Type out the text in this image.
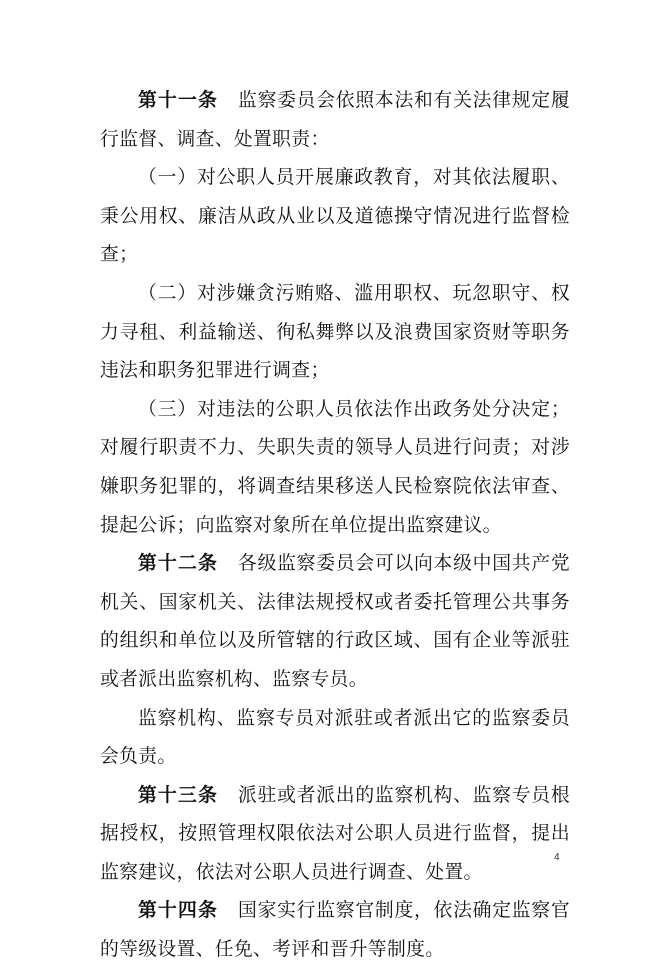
第十一条 监察委员会依照本法和有关法律规定履行监督、调查、处置职责：

（一）对公职人员开展廉政教育，对其依法履职、秉公用权、廉洁从政从业以及道德操守情况进行监督检查；

（二）对涉嫌贪污贿赂、滥用职权、玩忽职守、权力寻租、利益输送、徇私舞弊以及浪费国家资财等职务违法和职务犯罪进行调查；

（三）对违法的公职人员依法作出政务处分决定；对履行职责不力、失职失责的领导人员进行问责；对涉嫌职务犯罪的，将调查结果移送人民检察院依法审查、提起公诉；向监察对象所在单位提出监察建议。

第十二条 各级监察委员会可以向本级中国共产党机关、国家机关、法律法规授权或者委托管理公共事务的组织和单位以及所管辖的行政区域、国有企业等派驻或者派出监察机构、监察专员。

监察机构、监察专员对派驻或者派出它的监察委员会负责。

第十三条 派驻或者派出的监察机构、监察专员根据授权，按照管理权限依法对公职人员进行监督，提出监察建议，依法对公职人员进行调查、处置。

第十四条 国家实行监察官制度，依法确定监察官的等级设置、任免、考评和晋升等制度。

4
